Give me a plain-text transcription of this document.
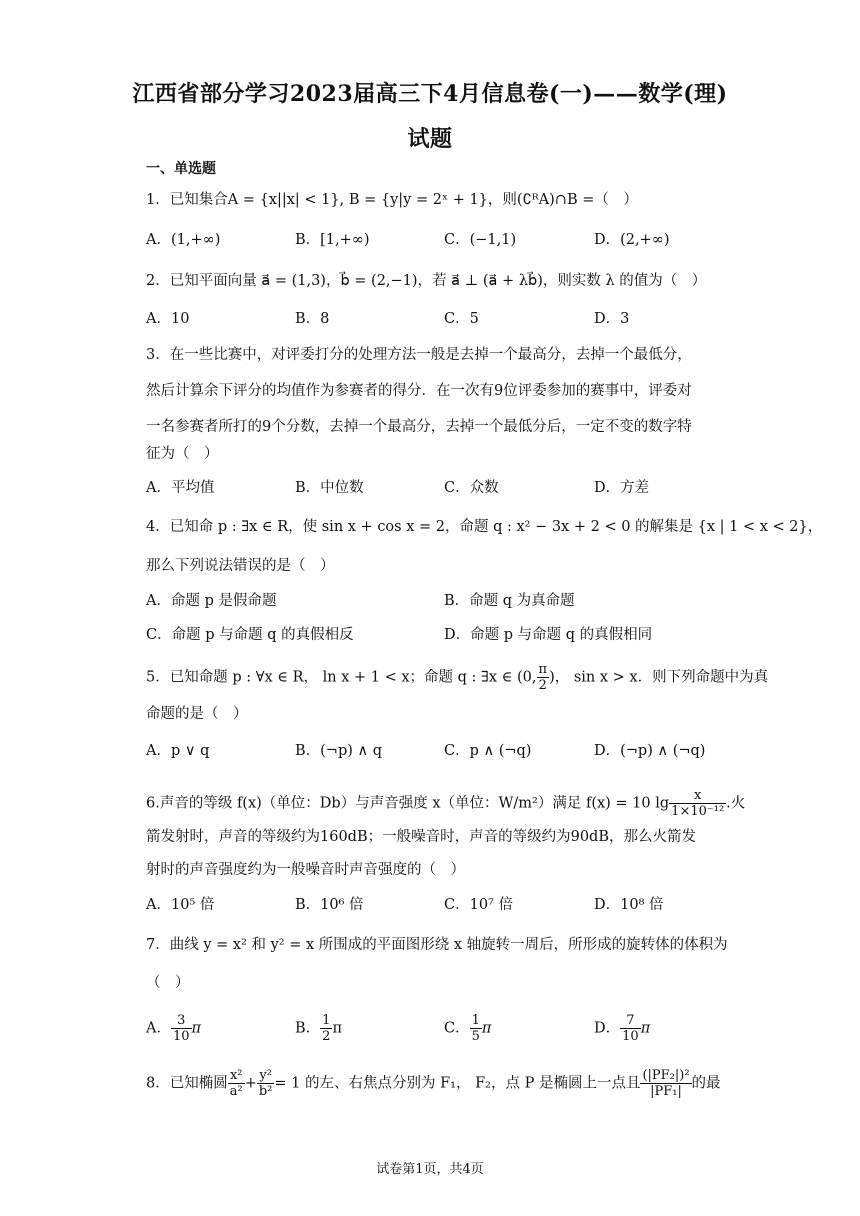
江西省部分学习2023届高三下4月信息卷(一)——数学(理)
试题
一、单选题
1．已知集合A = {x||x| < 1}, B = {y|y = 2ˣ + 1}，则(∁ᴿA)∩B =（　）
A．(1,+∞)	B．[1,+∞)	C．(−1,1)	D．(2,+∞)
2．已知平面向量 a⃗ = (1,3)，b⃗ = (2,−1)，若 a⃗ ⊥ (a⃗ + λb⃗)，则实数 λ 的值为（　）
A．10	B．8	C．5	D．3
3．在一些比赛中，对评委打分的处理方法一般是去掉一个最高分，去掉一个最低分，
然后计算余下评分的均值作为参赛者的得分．在一次有9位评委参加的赛事中，评委对
一名参赛者所打的9个分数，去掉一个最高分，去掉一个最低分后，一定不变的数字特
征为（　）
A．平均值	B．中位数	C．众数	D．方差
4．已知命 p : ∃x ∈ R，使 sin x + cos x = 2，命题 q : x² − 3x + 2 < 0 的解集是 {x | 1 < x < 2}，
那么下列说法错误的是（　）
A．命题 p 是假命题	B．命题 q 为真命题
C．命题 p 与命题 q 的真假相反	D．命题 p 与命题 q 的真假相同
5．已知命题 p : ∀x ∈ R， ln x + 1 < x；命题 q : ∃x ∈ (0, $\frac{\pi}{2}$ )， sin x > x．则下列命题中为真
命题的是（　）
A．p ∨ q	B．(¬p) ∧ q	C．p ∧ (¬q)	D．(¬p) ∧ (¬q)
6.声音的等级 f(x)（单位：Db）与声音强度 x（单位：W/m²）满足 f(x) = 10 $\lg \frac{x}{\text{1×10⁻¹²}}$ .火
箭发射时，声音的等级约为160dB；一般噪音时，声音的等级约为90dB，那么火箭发
射时的声音强度约为一般噪音时声音强度的（　）
A．10⁵ 倍	B．10⁶ 倍	C．10⁷ 倍	D．10⁸ 倍
7．曲线 y = x² 和 y² = x 所围成的平面图形绕 x 轴旋转一周后，所形成的旋转体的体积为
（　）
A． $\frac{3}{10}$ π	B． $\frac{1}{2}$ π	C． $\frac{1}{5}$ π	D． $\frac{7}{10}$ π
8．已知椭圆 $\frac{\text{x²}}{\text{a²}} + \frac{\text{y²}}{\text{b²}} = 1$ 的左、右焦点分别为 F₁， F₂，点 P 是椭圆上一点且 $\frac{\text{(|PF₂|)²}}{\text{|PF₁|}}$ 的最
试卷第1页，共4页
